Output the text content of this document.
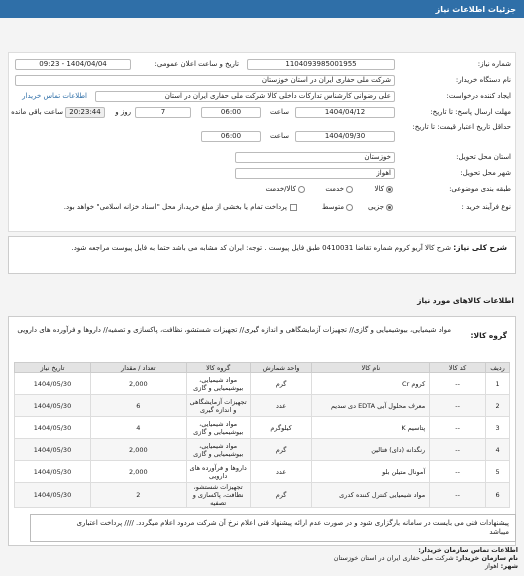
جزئیات اطلاعات نیاز
شماره نیاز:
1104093985001955
تاریخ و ساعت اعلان عمومی:
1404/04/04 - 09:23
نام دستگاه خریدار:
شرکت ملی حفاری ایران در استان خوزستان
ایجاد کننده درخواست:
علی رضوانی کارشناس تدارکات داخلی کالا شرکت ملی حفاری ایران در استان
اطلاعات تماس خریدار
مهلت ارسال پاسخ: تا تاریخ:
1404/04/12
ساعت
06:00
7
روز و
20:23:44
ساعت باقی مانده
حداقل تاریخ اعتبار قیمت: تا تاریخ:
1404/09/30
ساعت
06:00
استان محل تحویل:
خوزستان
شهر محل تحویل:
اهواز
طبقه بندی موضوعی:
کالا
خدمت
کالا/خدمت
نوع فرآیند خرید :
جزیی
متوسط
پرداخت تمام یا بخشی از مبلغ خرید،از محل "اسناد خزانه اسلامی" خواهد بود.
شرح کلی نیاز:
شرح کالا آریو کروم شماره تقاضا 0410031 طبق فایل پیوست . توجه: ایران کد مشابه می باشد حتما به فایل پیوست مراجعه شود.
اطلاعات کالاهای مورد نیاز
گروه کالا:
مواد شیمیایی، بیوشیمیایی و گازی// تجهیزات آزمایشگاهی و اندازه گیری// تجهیزات شستشو، نظافت، پاکسازی و تصفیه// داروها و فرآورده های دارویی
ردیف	کد کالا	نام کالا	واحد شمارش	گروه کالا	تعداد / مقدار	تاریخ نیاز
1	--	کروم Cr	گرم	مواد شیمیایی، بیوشیمیایی و گازی	2,000	1404/05/30
2	--	معرف محلول آبی EDTA دی سدیم	عدد	تجهیزات آزمایشگاهی و اندازه گیری	6	1404/05/30
3	--	پتاسیم K	کیلوگرم	مواد شیمیایی، بیوشیمیایی و گازی	4	1404/05/30
4	--	رنگدانه (دای) فتالین	گرم	مواد شیمیایی، بیوشیمیایی و گازی	2,000	1404/05/30
5	--	آمونال متیلن بلو	عدد	داروها و فرآورده های دارویی	2,000	1404/05/30
6	--	مواد شیمیایی کنترل کننده کدری	گرم	تجهیزات شستشو، نظافت، پاکسازی و تصفیه	2	1404/05/30
پیشنهادات فنی می بایست در سامانه بارگزاری شود و در صورت عدم ارائه پیشنهاد فنی اعلام نرخ آن شرکت مردود اعلام میگردد. //// پرداخت اعتباری میباشد
اطلاعات تماس سازمان خریدار:
نام سازمان خریدار: شرکت ملی حفاری ایران در استان خوزستان
شهر: اهواز
